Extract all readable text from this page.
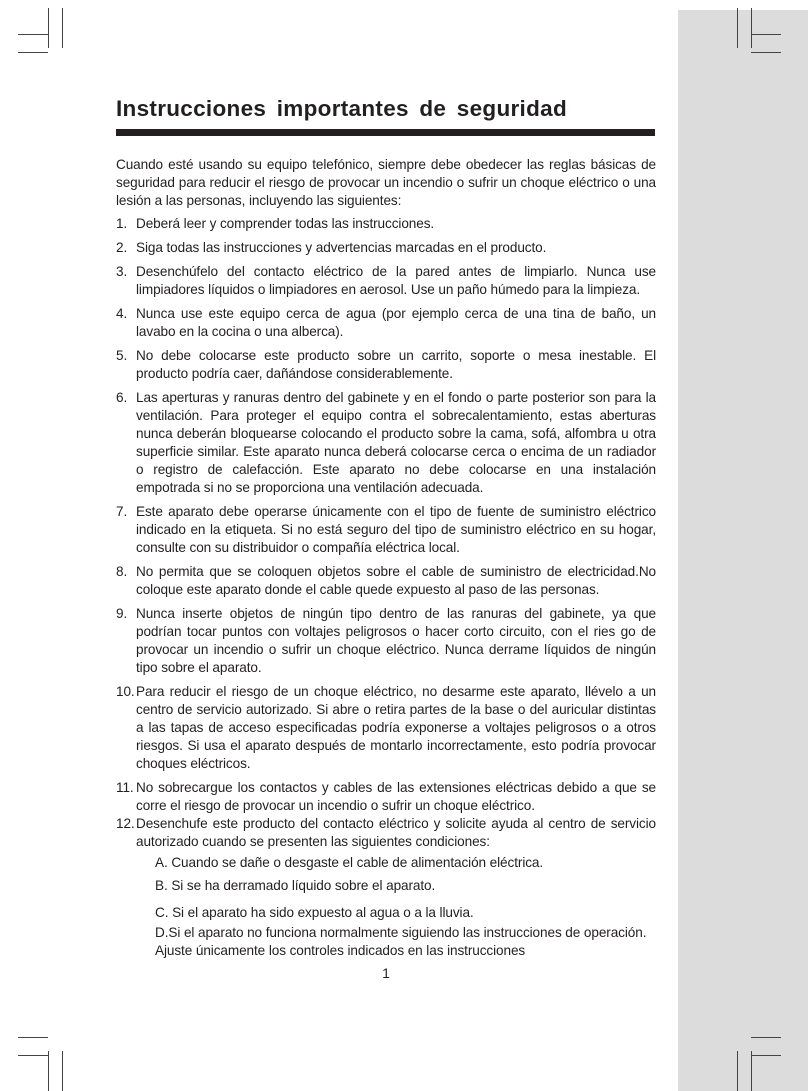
Instrucciones importantes de seguridad

Cuando esté usando su equipo telefónico, siempre debe obedecer las reglas básicas de seguridad para reducir el riesgo de provocar un incendio o sufrir un choque eléctrico o una lesión a las personas, incluyendo las siguientes:

1. Deberá leer y comprender todas las instrucciones.
2. Siga todas las instrucciones y advertencias marcadas en el producto.
3. Desenchúfelo del contacto eléctrico de la pared antes de limpiarlo. Nunca use limpiadores líquidos o limpiadores en aerosol. Use un paño húmedo para la limpieza.
4. Nunca use este equipo cerca de agua (por ejemplo cerca de una tina de baño, un lavabo en la cocina o una alberca).
5. No debe colocarse este producto sobre un carrito, soporte o mesa inestable. El producto podría caer, dañándose considerablemente.
6. Las aperturas y ranuras dentro del gabinete y en el fondo o parte posterior son para la ventilación. Para proteger el equipo contra el sobrecalentamiento, estas aberturas nunca deberán bloquearse colocando el producto sobre la cama, sofá, alfombra u otra superficie similar. Este aparato nunca deberá colocarse cerca o encima de un radiador o registro de calefacción. Este aparato no debe colocarse en una instalación empotrada si no se proporciona una ventilación adecuada.
7. Este aparato debe operarse únicamente con el tipo de fuente de suministro eléctrico indicado en la etiqueta. Si no está seguro del tipo de suministro eléctrico en su hogar, consulte con su distribuidor o compañía eléctrica local.
8. No permita que se coloquen objetos sobre el cable de suministro de electricidad.No coloque este aparato donde el cable quede expuesto al paso de las personas.
9. Nunca inserte objetos de ningún tipo dentro de las ranuras del gabinete, ya que podrían tocar puntos con voltajes peligrosos o hacer corto circuito, con el ries go de provocar un incendio o sufrir un choque eléctrico. Nunca derrame líquidos de ningún tipo sobre el aparato.
10. Para reducir el riesgo de un choque eléctrico, no desarme este aparato, llévelo a un centro de servicio autorizado. Si abre o retira partes de la base o del auricular distintas a las tapas de acceso especificadas podría exponerse a voltajes peligrosos o a otros riesgos. Si usa el aparato después de montarlo incorrectamente, esto podría provocar choques eléctricos.
11. No sobrecargue los contactos y cables de las extensiones eléctricas debido a que se corre el riesgo de provocar un incendio o sufrir un choque eléctrico.
12. Desenchufe este producto del contacto eléctrico y solicite ayuda al centro de servicio autorizado cuando se presenten las siguientes condiciones:
A. Cuando se dañe o desgaste el cable de alimentación eléctrica.
B. Si se ha derramado líquido sobre el aparato.
C. Si el aparato ha sido expuesto al agua o a la lluvia.
D.Si el aparato no funciona normalmente siguiendo las instrucciones de operación.
Ajuste únicamente los controles indicados en las instrucciones
1
